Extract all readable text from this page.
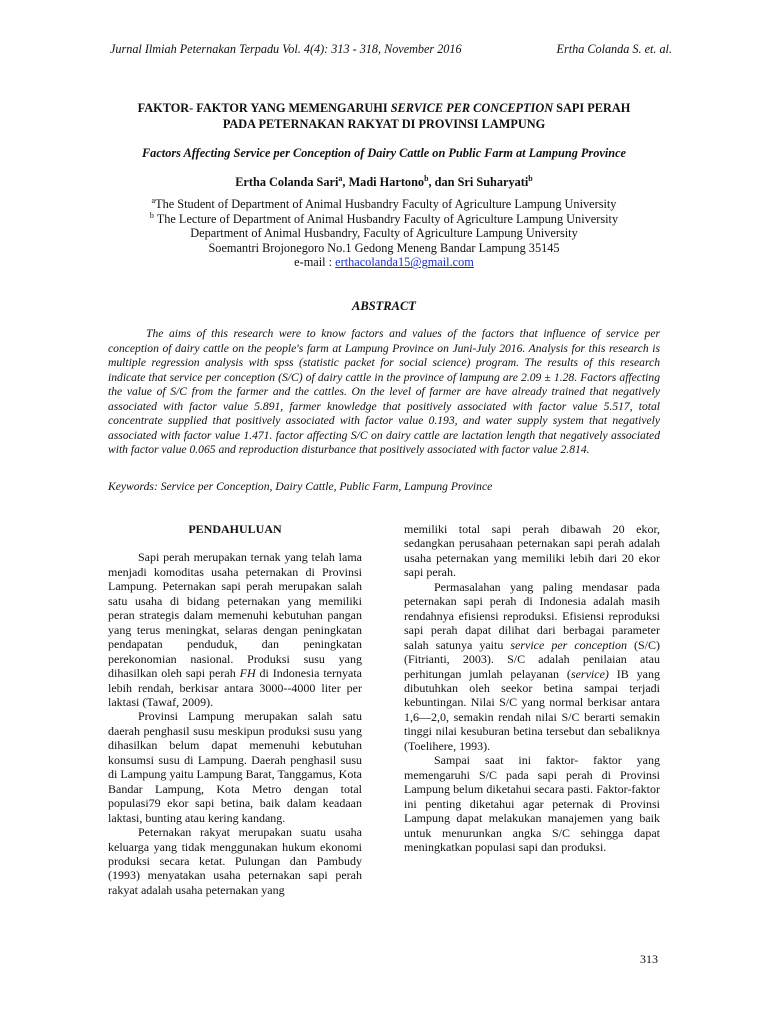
Jurnal Ilmiah Peternakan Terpadu Vol. 4(4): 313 - 318, November 2016	Ertha Colanda S. et. al.
FAKTOR- FAKTOR YANG MEMENGARUHI SERVICE PER CONCEPTION SAPI PERAH
PADA PETERNAKAN RAKYAT DI PROVINSI LAMPUNG
Factors Affecting Service per Conception of Dairy Cattle on Public Farm at Lampung Province
Ertha Colanda Sari$^a$, Madi Hartono$^b$, dan Sri Suharyati$^b$
$^a$The Student of Department of Animal Husbandry Faculty of Agriculture Lampung University
$^b$ The Lecture of Department of Animal Husbandry Faculty of Agriculture Lampung University
Department of Animal Husbandry, Faculty of Agriculture Lampung University
Soemantri Brojonegoro No.1 Gedong Meneng Bandar Lampung 35145
e-mail : erthacolanda15@gmail.com
ABSTRACT

The aims of this research were to know factors and values of the factors that influence of service per conception of dairy cattle on the people's farm at Lampung Province on Juni-July 2016. Analysis for this research is multiple regression analysis with spss (statistic packet for social science) program. The results of this research indicate that service per conception (S/C) of dairy cattle in the province of lampung are 2.09 ± 1.28. Factors affecting the value of S/C from the farmer and the cattles. On the level of farmer are have already trained that negatively associated with factor value 5.891, farmer knowledge that positively associated with factor value 5.517, total concentrate supplied that positively associated with factor value 0.193, and water supply system that negatively associated with factor value 1.471. factor affecting S/C on dairy cattle are lactation length that negatively associated with factor value 0.065 and reproduction disturbance that positively associated with factor value 2.814.

Keywords: Service per Conception, Dairy Cattle, Public Farm, Lampung Province

PENDAHULUAN

Sapi perah merupakan ternak yang telah lama menjadi komoditas usaha peternakan di Provinsi Lampung. Peternakan sapi perah merupakan salah satu usaha di bidang peternakan yang memiliki peran strategis dalam memenuhi kebutuhan pangan yang terus meningkat, selaras dengan peningkatan pendapatan penduduk, dan peningkatan perekonomian nasional. Produksi susu yang dihasilkan oleh sapi perah FH di Indonesia ternyata lebih rendah, berkisar antara 3000--4000 liter per laktasi (Tawaf, 2009).

Provinsi Lampung merupakan salah satu daerah penghasil susu meskipun produksi susu yang dihasilkan belum dapat memenuhi kebutuhan konsumsi susu di Lampung. Daerah penghasil susu di Lampung yaitu Lampung Barat, Tanggamus, Kota Bandar Lampung, Kota Metro dengan total populasi79 ekor sapi betina, baik dalam keadaan laktasi, bunting atau kering kandang.

Peternakan rakyat merupakan suatu usaha keluarga yang tidak menggunakan hukum ekonomi produksi secara ketat. Pulungan dan Pambudy (1993) menyatakan usaha peternakan sapi perah rakyat adalah usaha peternakan yang

memiliki total sapi perah dibawah 20 ekor, sedangkan perusahaan peternakan sapi perah adalah usaha peternakan yang memiliki lebih dari 20 ekor sapi perah.

Permasalahan yang paling mendasar pada peternakan sapi perah di Indonesia adalah masih rendahnya efisiensi reproduksi. Efisiensi reproduksi sapi perah dapat dilihat dari berbagai parameter salah satunya yaitu service per conception (S/C) (Fitrianti, 2003). S/C adalah penilaian atau perhitungan jumlah pelayanan (service) IB yang dibutuhkan oleh seekor betina sampai terjadi kebuntingan. Nilai S/C yang normal berkisar antara 1,6—2,0, semakin rendah nilai S/C berarti semakin tinggi nilai kesuburan betina tersebut dan sebaliknya (Toelihere, 1993).

Sampai saat ini faktor- faktor yang memengaruhi S/C pada sapi perah di Provinsi Lampung belum diketahui secara pasti. Faktor-faktor ini penting diketahui agar peternak di Provinsi Lampung dapat melakukan manajemen yang baik untuk menurunkan angka S/C sehingga dapat meningkatkan populasi sapi dan produksi.

313
